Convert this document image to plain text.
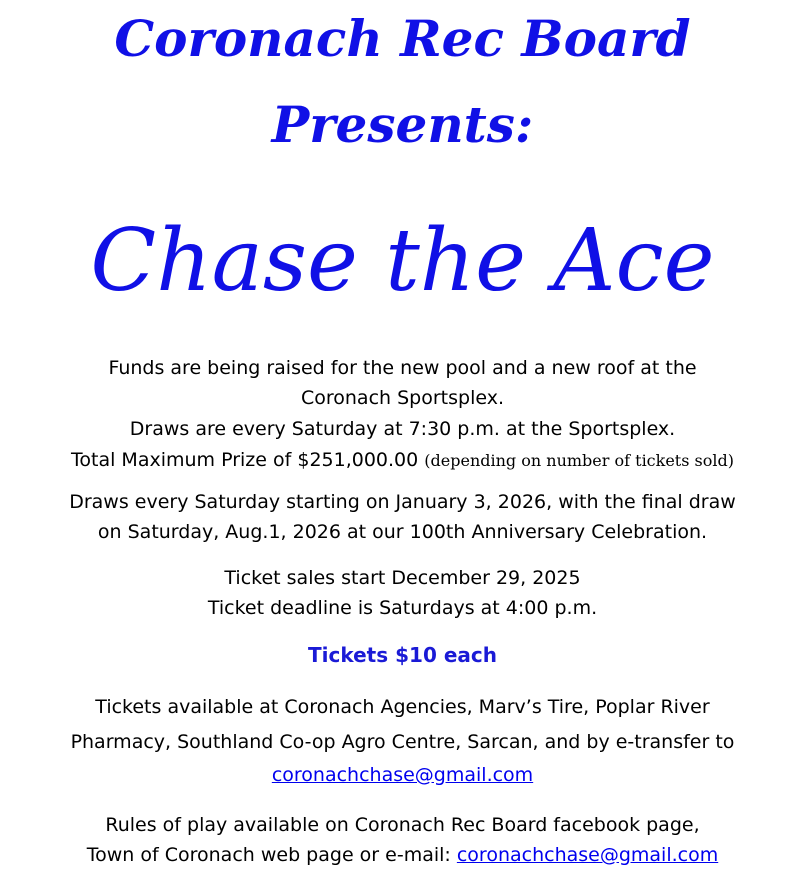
Coronach Rec Board
Presents:
Chase the Ace
Funds are being raised for the new pool and a new roof at the
Coronach Sportsplex.
Draws are every Saturday at 7:30 p.m. at the Sportsplex.
Total Maximum Prize of $251,000.00 (depending on number of tickets sold)
Draws every Saturday starting on January 3, 2026, with the final draw
on Saturday, Aug.1, 2026 at our 100th Anniversary Celebration.
Ticket sales start December 29, 2025
Ticket deadline is Saturdays at 4:00 p.m.
Tickets $10 each
Tickets available at Coronach Agencies, Marv’s Tire, Poplar River
Pharmacy, Southland Co-op Agro Centre, Sarcan, and by e-transfer to
coronachchase@gmail.com
Rules of play available on Coronach Rec Board facebook page,
Town of Coronach web page or e-mail: coronachchase@gmail.com
